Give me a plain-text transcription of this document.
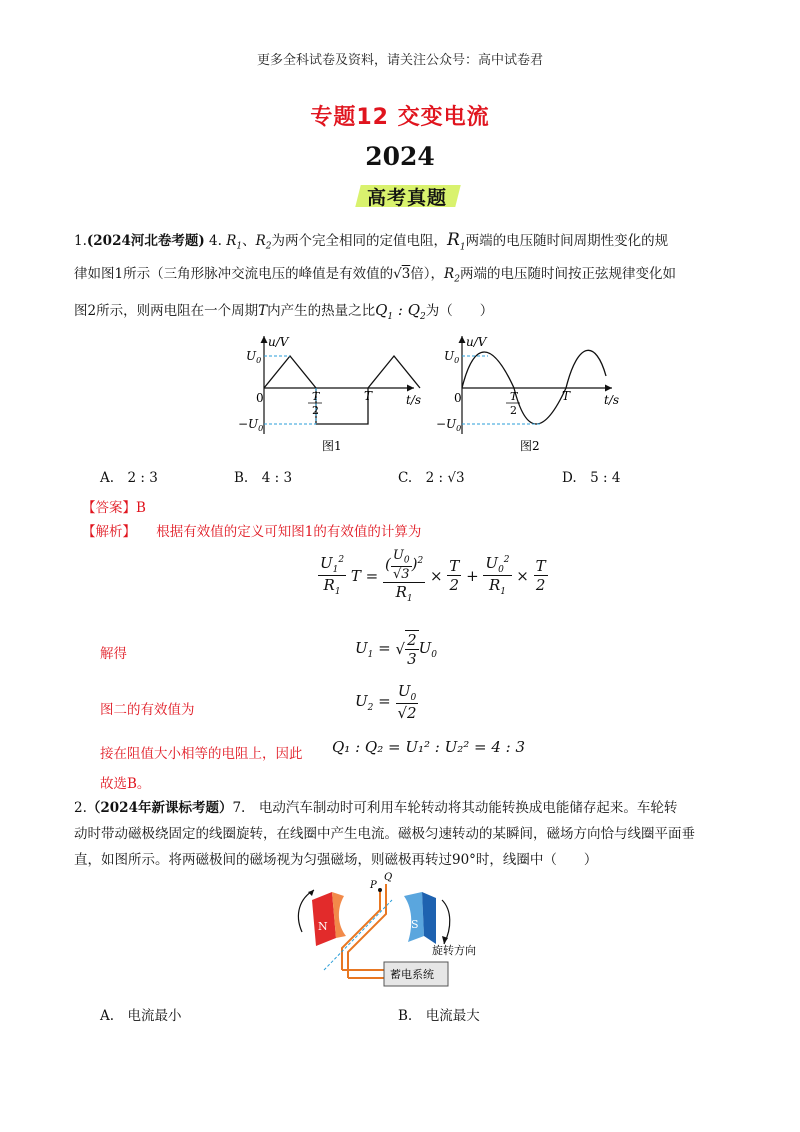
更多全科试卷及资料，请关注公众号：高中试卷君
专题12 交变电流
2024
高考真题
1.(2024河北卷考题) 4. $R_1$、$R_2$为两个完全相同的定值电阻，$R_1$两端的电压随时间周期性变化的规
律如图1所示（三角形脉冲交流电压的峰值是有效值的√3倍），$R_2$两端的电压随时间按正弦规律变化如
图2所示，则两电阻在一个周期T内产生的热量之比$Q_1$ : $Q_2$为（　　）
u/V
$U_0$
$-U_0$
0	T
2
T	t/s
图1
u/V
$U_0$
$-U_0$
0	T
2
T	t/s
图2
A.　 2 : 3	B.　 4 : 3	C.　 2 : √3	D.　 5 : 4
【答案】B
【解析】　　 根据有效值的定义可知图1的有效值的计算为
$\frac{U_1^2}{R_1}$ $T = \frac{( \frac{U_0}{√3} )^2}{R_1} \times \frac{T}{2} + \frac{U_0^2}{R_1} \times \frac{T}{2}$
解得	$U_1$ = √ $\frac{2}{3} U_0$
图二的有效值为
$U_2 = \frac{U_0}{√2}$
接在阻值大小相等的电阻上，因此 Q₁ : Q₂ = U₁² : U₂² = 4 : 3
故选B。
2.（2024年新课标考题）7.　电动汽车制动时可利用车轮转动将其动能转换成电能储存起来。车轮转
动时带动磁极绕固定的线圈旋转，在线圈中产生电流。磁极匀速转动的某瞬间，磁场方向恰与线圈平面垂
直，如图所示。将两磁极间的磁场视为匀强磁场，则磁极再转过90°时，线圈中（　　）
N	S
P
Q
蓄电系统
旋转方向
A.　 电流最小	B.　 电流最大
